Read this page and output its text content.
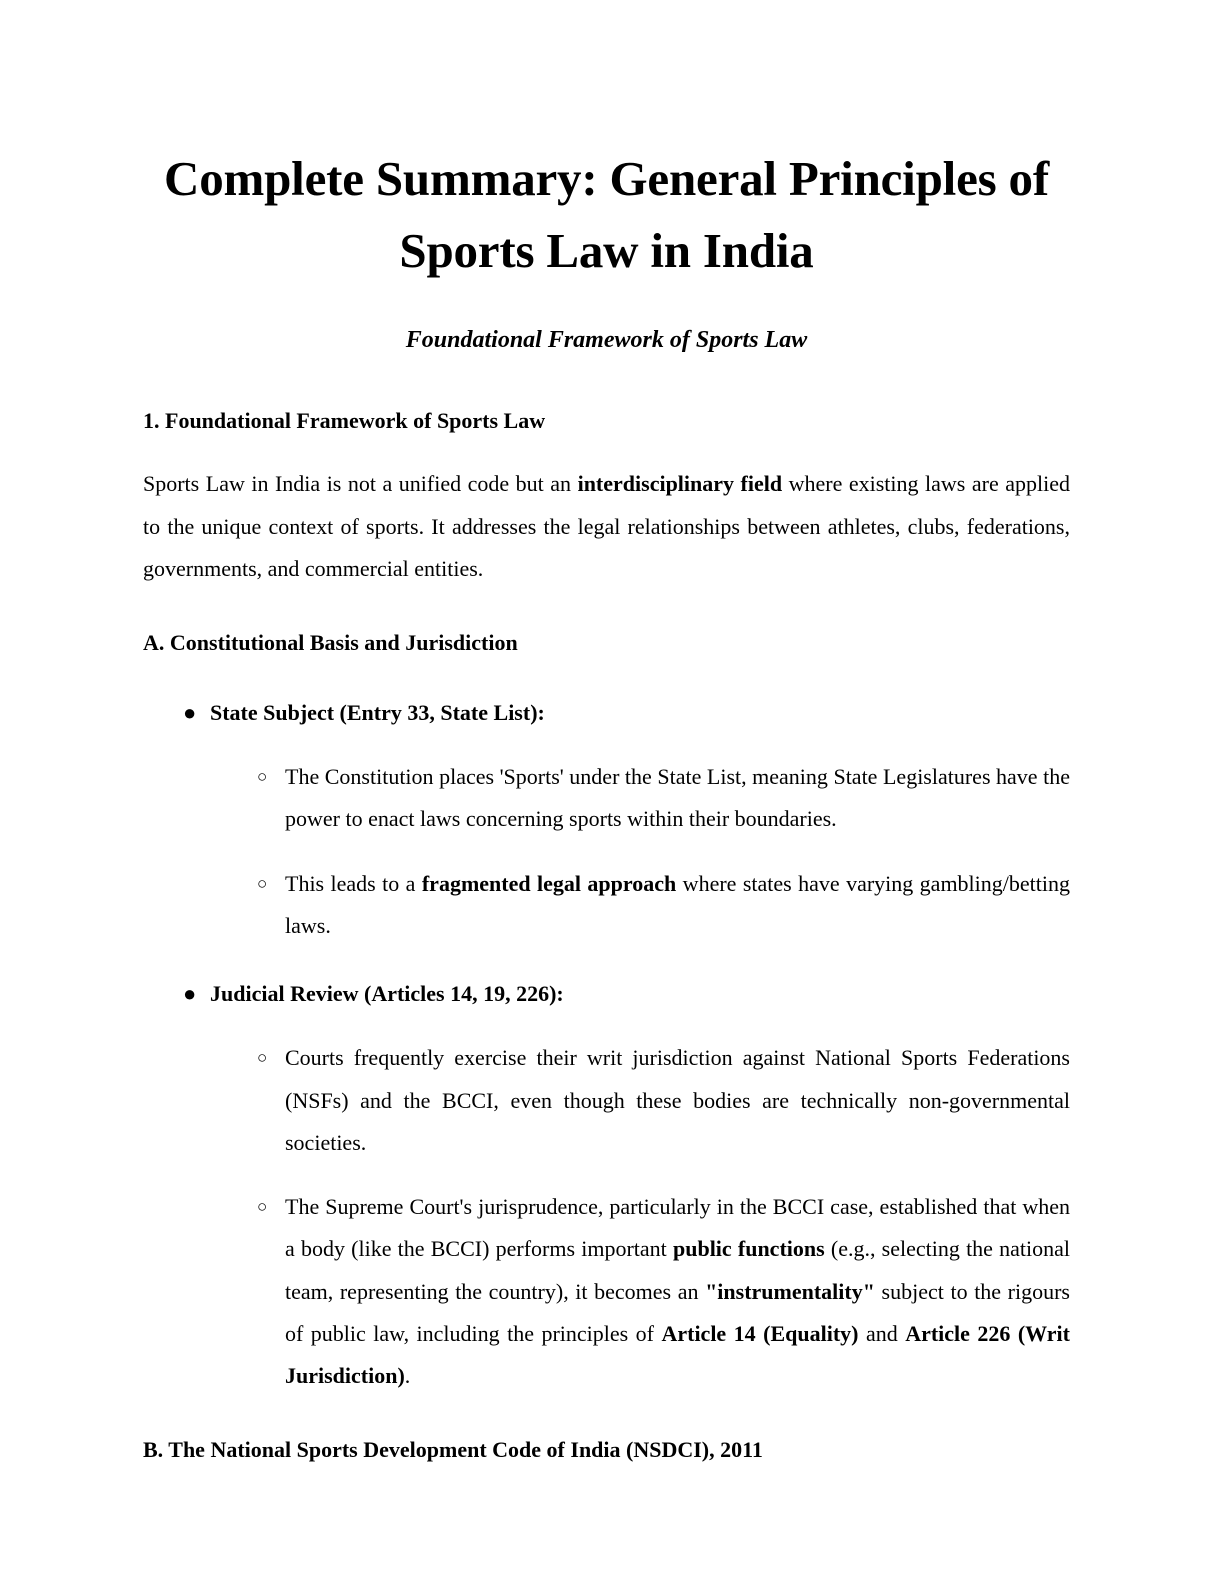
Complete Summary: General Principles of Sports Law in India

Foundational Framework of Sports Law

1. Foundational Framework of Sports Law

Sports Law in India is not a unified code but an interdisciplinary field where existing laws are applied to the unique context of sports. It addresses the legal relationships between athletes, clubs, federations, governments, and commercial entities.

A. Constitutional Basis and Jurisdiction
● State Subject (Entry 33, State List):
○ The Constitution places 'Sports' under the State List, meaning State Legislatures have the power to enact laws concerning sports within their boundaries.
○ This leads to a fragmented legal approach where states have varying gambling/betting laws.
● Judicial Review (Articles 14, 19, 226):
○ Courts frequently exercise their writ jurisdiction against National Sports Federations (NSFs) and the BCCI, even though these bodies are technically non-governmental societies.
○ The Supreme Court's jurisprudence, particularly in the BCCI case, established that when a body (like the BCCI) performs important public functions (e.g., selecting the national team, representing the country), it becomes an "instrumentality" subject to the rigours of public law, including the principles of Article 14 (Equality) and Article 226 (Writ Jurisdiction).
B. The National Sports Development Code of India (NSDCI), 2011
